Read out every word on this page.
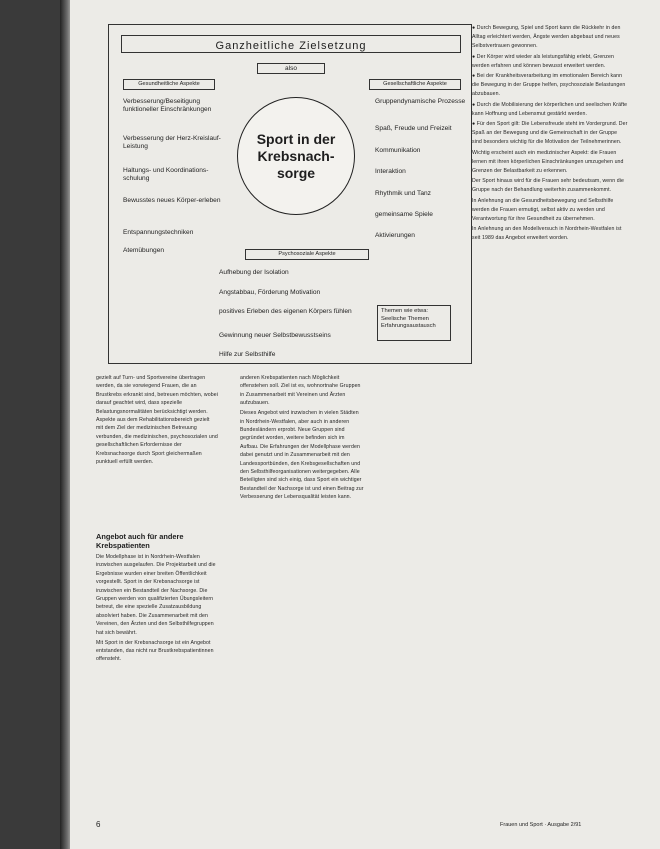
Ganzheitliche Zielsetzung
also
Gesundheitliche Aspekte	Gesellschaftliche Aspekte
Verbesserung/Beseitigung funktioneller Einschränkungen
Verbesserung der Herz-Kreislauf-Leistung
Haltungs- und Koordinations-schulung
Bewusstes neues Körper-erleben
Entspannungstechniken
Atemübungen
Sport in der Krebsnach-sorge
Gruppendynamische Prozesse
Spaß, Freude und Freizeit
Kommunikation
Interaktion
Rhythmik und Tanz
gemeinsame Spiele
Aktivierungen
Psychosoziale Aspekte
Aufhebung der Isolation
Angstabbau, Förderung Motivation
positives Erleben des eigenen Körpers fühlen
Gewinnung neuer Selbstbewusstseins
Hilfe zur Selbsthilfe
Themen wie etwa: Seelische Themen Erfahrungsaustausch

gezielt auf Turn- und Sportvereine übertragen werden, da sie vorwiegend Frauen, die an Brustkrebs erkrankt sind, betreuen möchten, wobei darauf geachtet wird, dass spezielle Belastungsnormalitäten berücksichtigt werden. Aspekte aus dem Rehabilitationsbereich gezielt mit dem Ziel der medizinischen Betreuung verbunden, die medizinischen, psychosozialen und gesellschaftlichen Erfordernisse der Krebsnachsorge durch Sport gleichermaßen punktuell erfüllt werden.

Angebot auch für andere Krebspatienten

Die Modellphase ist in Nordrhein-Westfalen inzwischen ausgelaufen. Die Projektarbeit und die Ergebnisse wurden einer breiten Öffentlichkeit vorgestellt. Sport in der Krebsnachsorge ist inzwischen ein Bestandteil der Nachsorge. Die Gruppen werden von qualifizierten Übungsleitern betreut, die eine spezielle Zusatzausbildung absolviert haben. Die Zusammenarbeit mit den Vereinen, den Ärzten und den Selbsthilfegruppen hat sich bewährt.

Mit Sport in der Krebsnachsorge ist ein Angebot entstanden, das nicht nur Brustkrebspatientinnen offensteht.

anderen Krebspatienten nach Möglichkeit offenstehen soll. Ziel ist es, wohnortnahe Gruppen in Zusammenarbeit mit Vereinen und Ärzten aufzubauen.

Dieses Angebot wird inzwischen in vielen Städten in Nordrhein-Westfalen, aber auch in anderen Bundesländern erprobt. Neue Gruppen sind gegründet worden, weitere befinden sich im Aufbau. Die Erfahrungen der Modellphase werden dabei genutzt und in Zusammenarbeit mit den Landessportbünden, den Krebsgesellschaften und den Selbsthilfeorganisationen weitergegeben. Alle Beteiligten sind sich einig, dass Sport ein wichtiger Bestandteil der Nachsorge ist und einen Beitrag zur Verbesserung der Lebensqualität leisten kann.

● Durch Bewegung, Spiel und Sport kann die Rückkehr in den Alltag erleichtert werden, Ängste werden abgebaut und neues Selbstvertrauen gewonnen.

● Der Körper wird wieder als leistungsfähig erlebt, Grenzen werden erfahren und können bewusst erweitert werden.

● Bei der Krankheitsverarbeitung im emotionalen Bereich kann die Bewegung in der Gruppe helfen, psychosoziale Belastungen abzubauen.

● Durch die Mobilisierung der körperlichen und seelischen Kräfte kann Hoffnung und Lebensmut gestärkt werden.

● Für den Sport gilt: Die Lebensfreude steht im Vordergrund. Der Spaß an der Bewegung und die Gemeinschaft in der Gruppe sind besonders wichtig für die Motivation der Teilnehmerinnen.

Wichtig erscheint auch ein medizinischer Aspekt: die Frauen lernen mit ihren körperlichen Einschränkungen umzugehen und Grenzen der Belastbarkeit zu erkennen.

Der Sport hinaus wird für die Frauen sehr bedeutsam, wenn die Gruppe nach der Behandlung weiterhin zusammenkommt.

In Anlehnung an die Gesundheitsbewegung und Selbsthilfe werden die Frauen ermutigt, selbst aktiv zu werden und Verantwortung für ihre Gesundheit zu übernehmen.

In Anlehnung an den Modellversuch in Nordrhein-Westfalen ist seit 1989 das Angebot erweitert worden.

6	Frauen und Sport · Ausgabe 2/91
